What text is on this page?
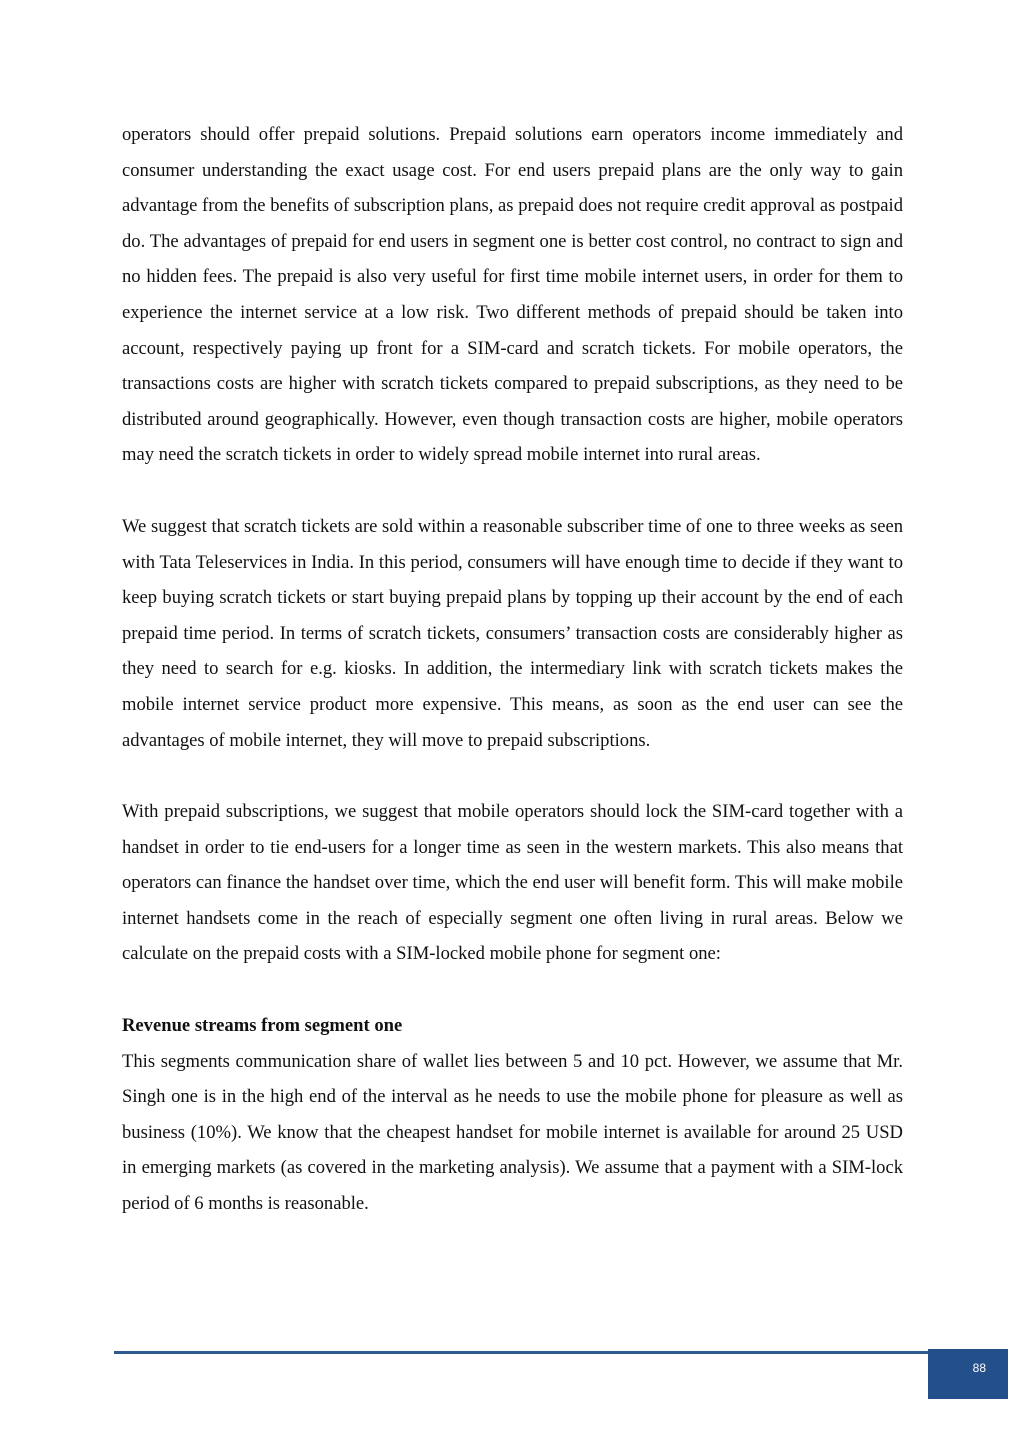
operators should offer prepaid solutions. Prepaid solutions earn operators income immediately and consumer understanding the exact usage cost. For end users prepaid plans are the only way to gain advantage from the benefits of subscription plans, as prepaid does not require credit approval as postpaid do. The advantages of prepaid for end users in segment one is better cost control, no contract to sign and no hidden fees. The prepaid is also very useful for first time mobile internet users, in order for them to experience the internet service at a low risk. Two different methods of prepaid should be taken into account, respectively paying up front for a SIM-card and scratch tickets. For mobile operators, the transactions costs are higher with scratch tickets compared to prepaid subscriptions, as they need to be distributed around geographically. However, even though transaction costs are higher, mobile operators may need the scratch tickets in order to widely spread mobile internet into rural areas.

We suggest that scratch tickets are sold within a reasonable subscriber time of one to three weeks as seen with Tata Teleservices in India. In this period, consumers will have enough time to decide if they want to keep buying scratch tickets or start buying prepaid plans by topping up their account by the end of each prepaid time period. In terms of scratch tickets, consumers’ transaction costs are considerably higher as they need to search for e.g. kiosks. In addition, the intermediary link with scratch tickets makes the mobile internet service product more expensive. This means, as soon as the end user can see the advantages of mobile internet, they will move to prepaid subscriptions.

With prepaid subscriptions, we suggest that mobile operators should lock the SIM-card together with a handset in order to tie end-users for a longer time as seen in the western markets. This also means that operators can finance the handset over time, which the end user will benefit form. This will make mobile internet handsets come in the reach of especially segment one often living in rural areas. Below we calculate on the prepaid costs with a SIM-locked mobile phone for segment one:

Revenue streams from segment one

This segments communication share of wallet lies between 5 and 10 pct. However, we assume that Mr. Singh one is in the high end of the interval as he needs to use the mobile phone for pleasure as well as business (10%). We know that the cheapest handset for mobile internet is available for around 25 USD in emerging markets (as covered in the marketing analysis). We assume that a payment with a SIM-lock period of 6 months is reasonable.

88
